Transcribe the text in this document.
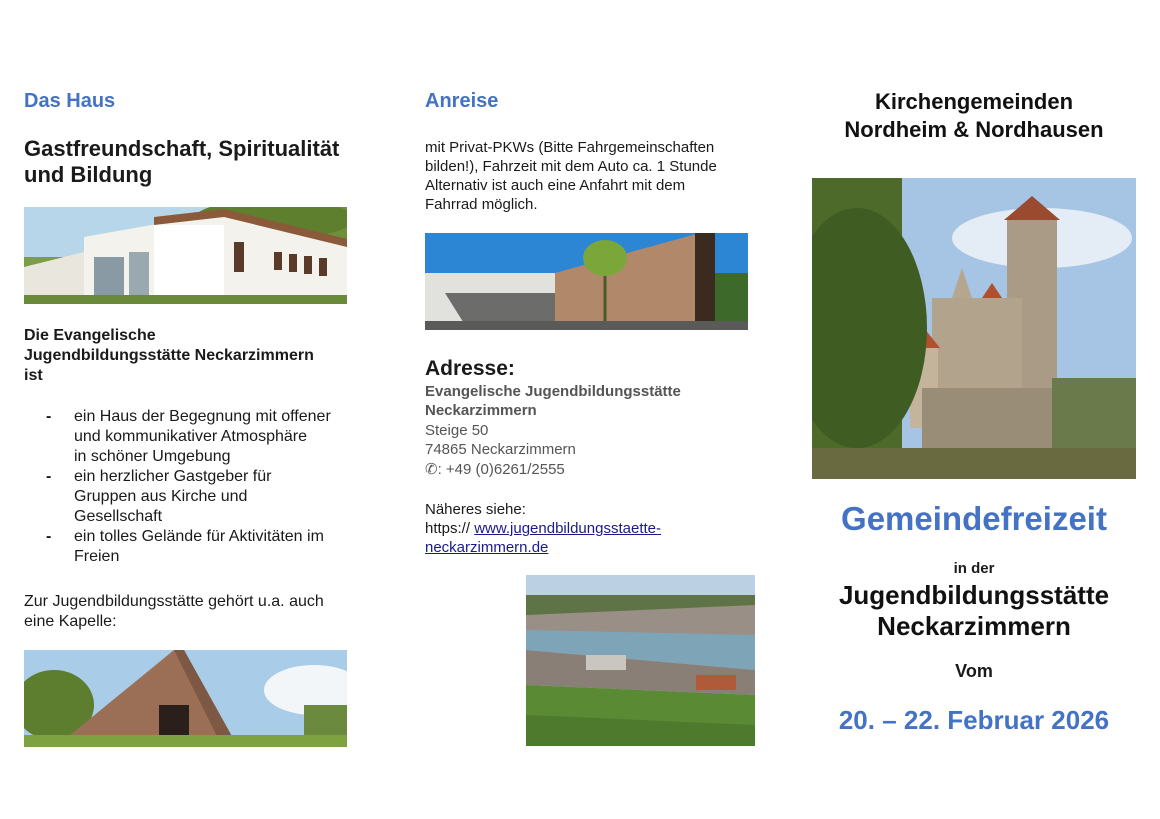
Das Haus
Gastfreundschaft, Spiritualität
und Bildung
Die Evangelische
Jugendbildungsstätte Neckarzimmern
ist
- ein Haus der Begegnung mit offener
und kommunikativer Atmosphäre
in schöner Umgebung
- ein herzlicher Gastgeber für
Gruppen aus Kirche und
Gesellschaft
- ein tolles Gelände für Aktivitäten im
Freien
Zur Jugendbildungsstätte gehört u.a. auch
eine Kapelle:
Anreise
mit Privat-PKWs (Bitte Fahrgemeinschaften
bilden!), Fahrzeit mit dem Auto ca. 1 Stunde
Alternativ ist auch eine Anfahrt mit dem
Fahrrad möglich.
Adresse:
Evangelische Jugendbildungsstätte
Neckarzimmern
Steige 50
74865 Neckarzimmern
✆: +49 (0)6261/2555
Näheres siehe:
https:// www.jugendbildungsstaette-
neckarzimmern.de
Kirchengemeinden
Nordheim & Nordhausen
Gemeindefreizeit
in der
Jugendbildungsstätte
Neckarzimmern
Vom
20. – 22. Februar 2026
